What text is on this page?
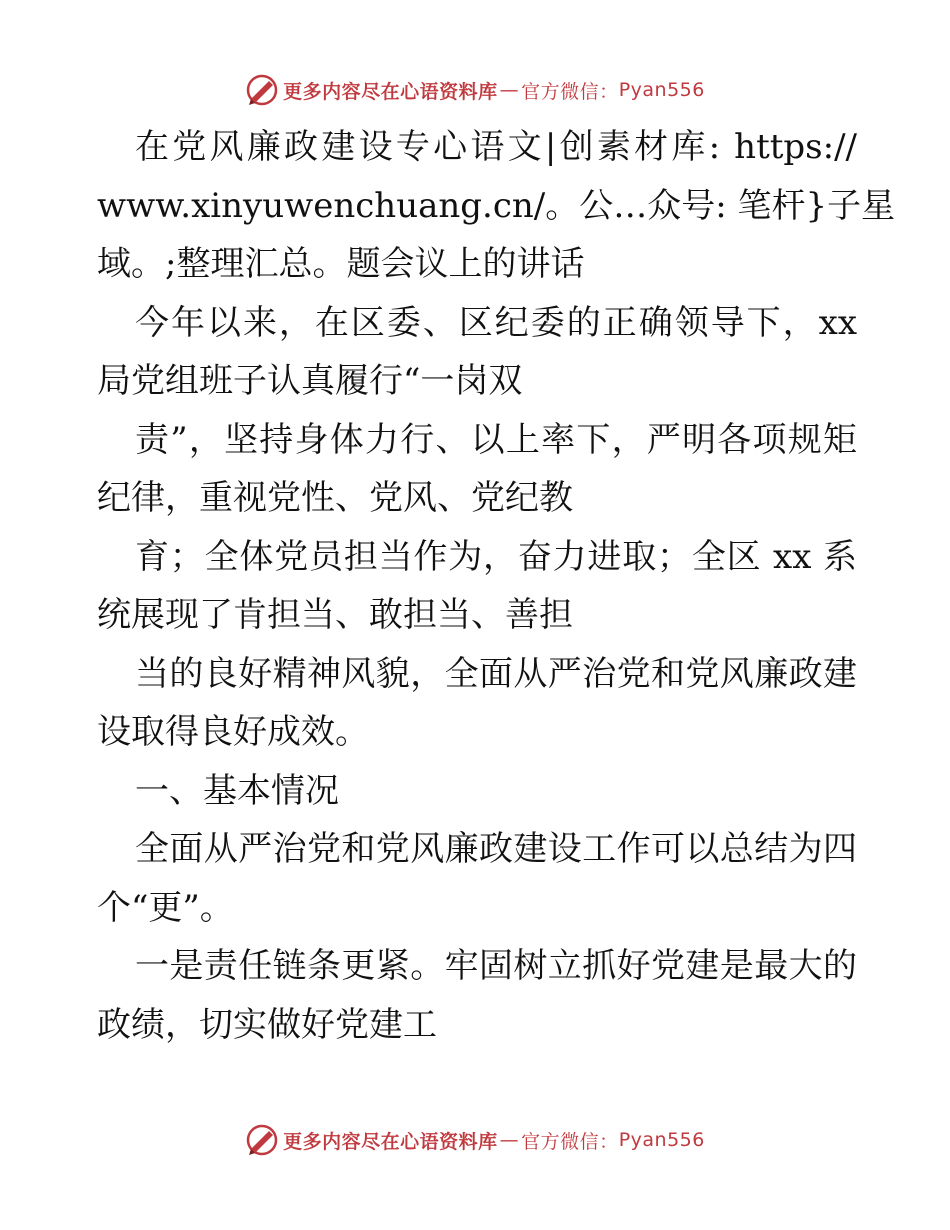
更多内容尽在心语资料库 — 官方微信： Pyan556
在党风廉政建设专心语文|创素材库: https://
www.xinyuwenchuang.cn/。公…众号: 笔杆}子星
域。;整理汇总。题会议上的讲话
今年以来，在区委、区纪委的正确领导下，xx
局党组班子认真履行“一岗双
责”，坚持身体力行、以上率下，严明各项规矩
纪律，重视党性、党风、党纪教
育；全体党员担当作为，奋力进取；全区 xx 系
统展现了肯担当、敢担当、善担
当的良好精神风貌，全面从严治党和党风廉政建
设取得良好成效。
一、基本情况
全面从严治党和党风廉政建设工作可以总结为四
个“更”。
一是责任链条更紧。牢固树立抓好党建是最大的
政绩，切实做好党建工
更多内容尽在心语资料库 — 官方微信： Pyan556
